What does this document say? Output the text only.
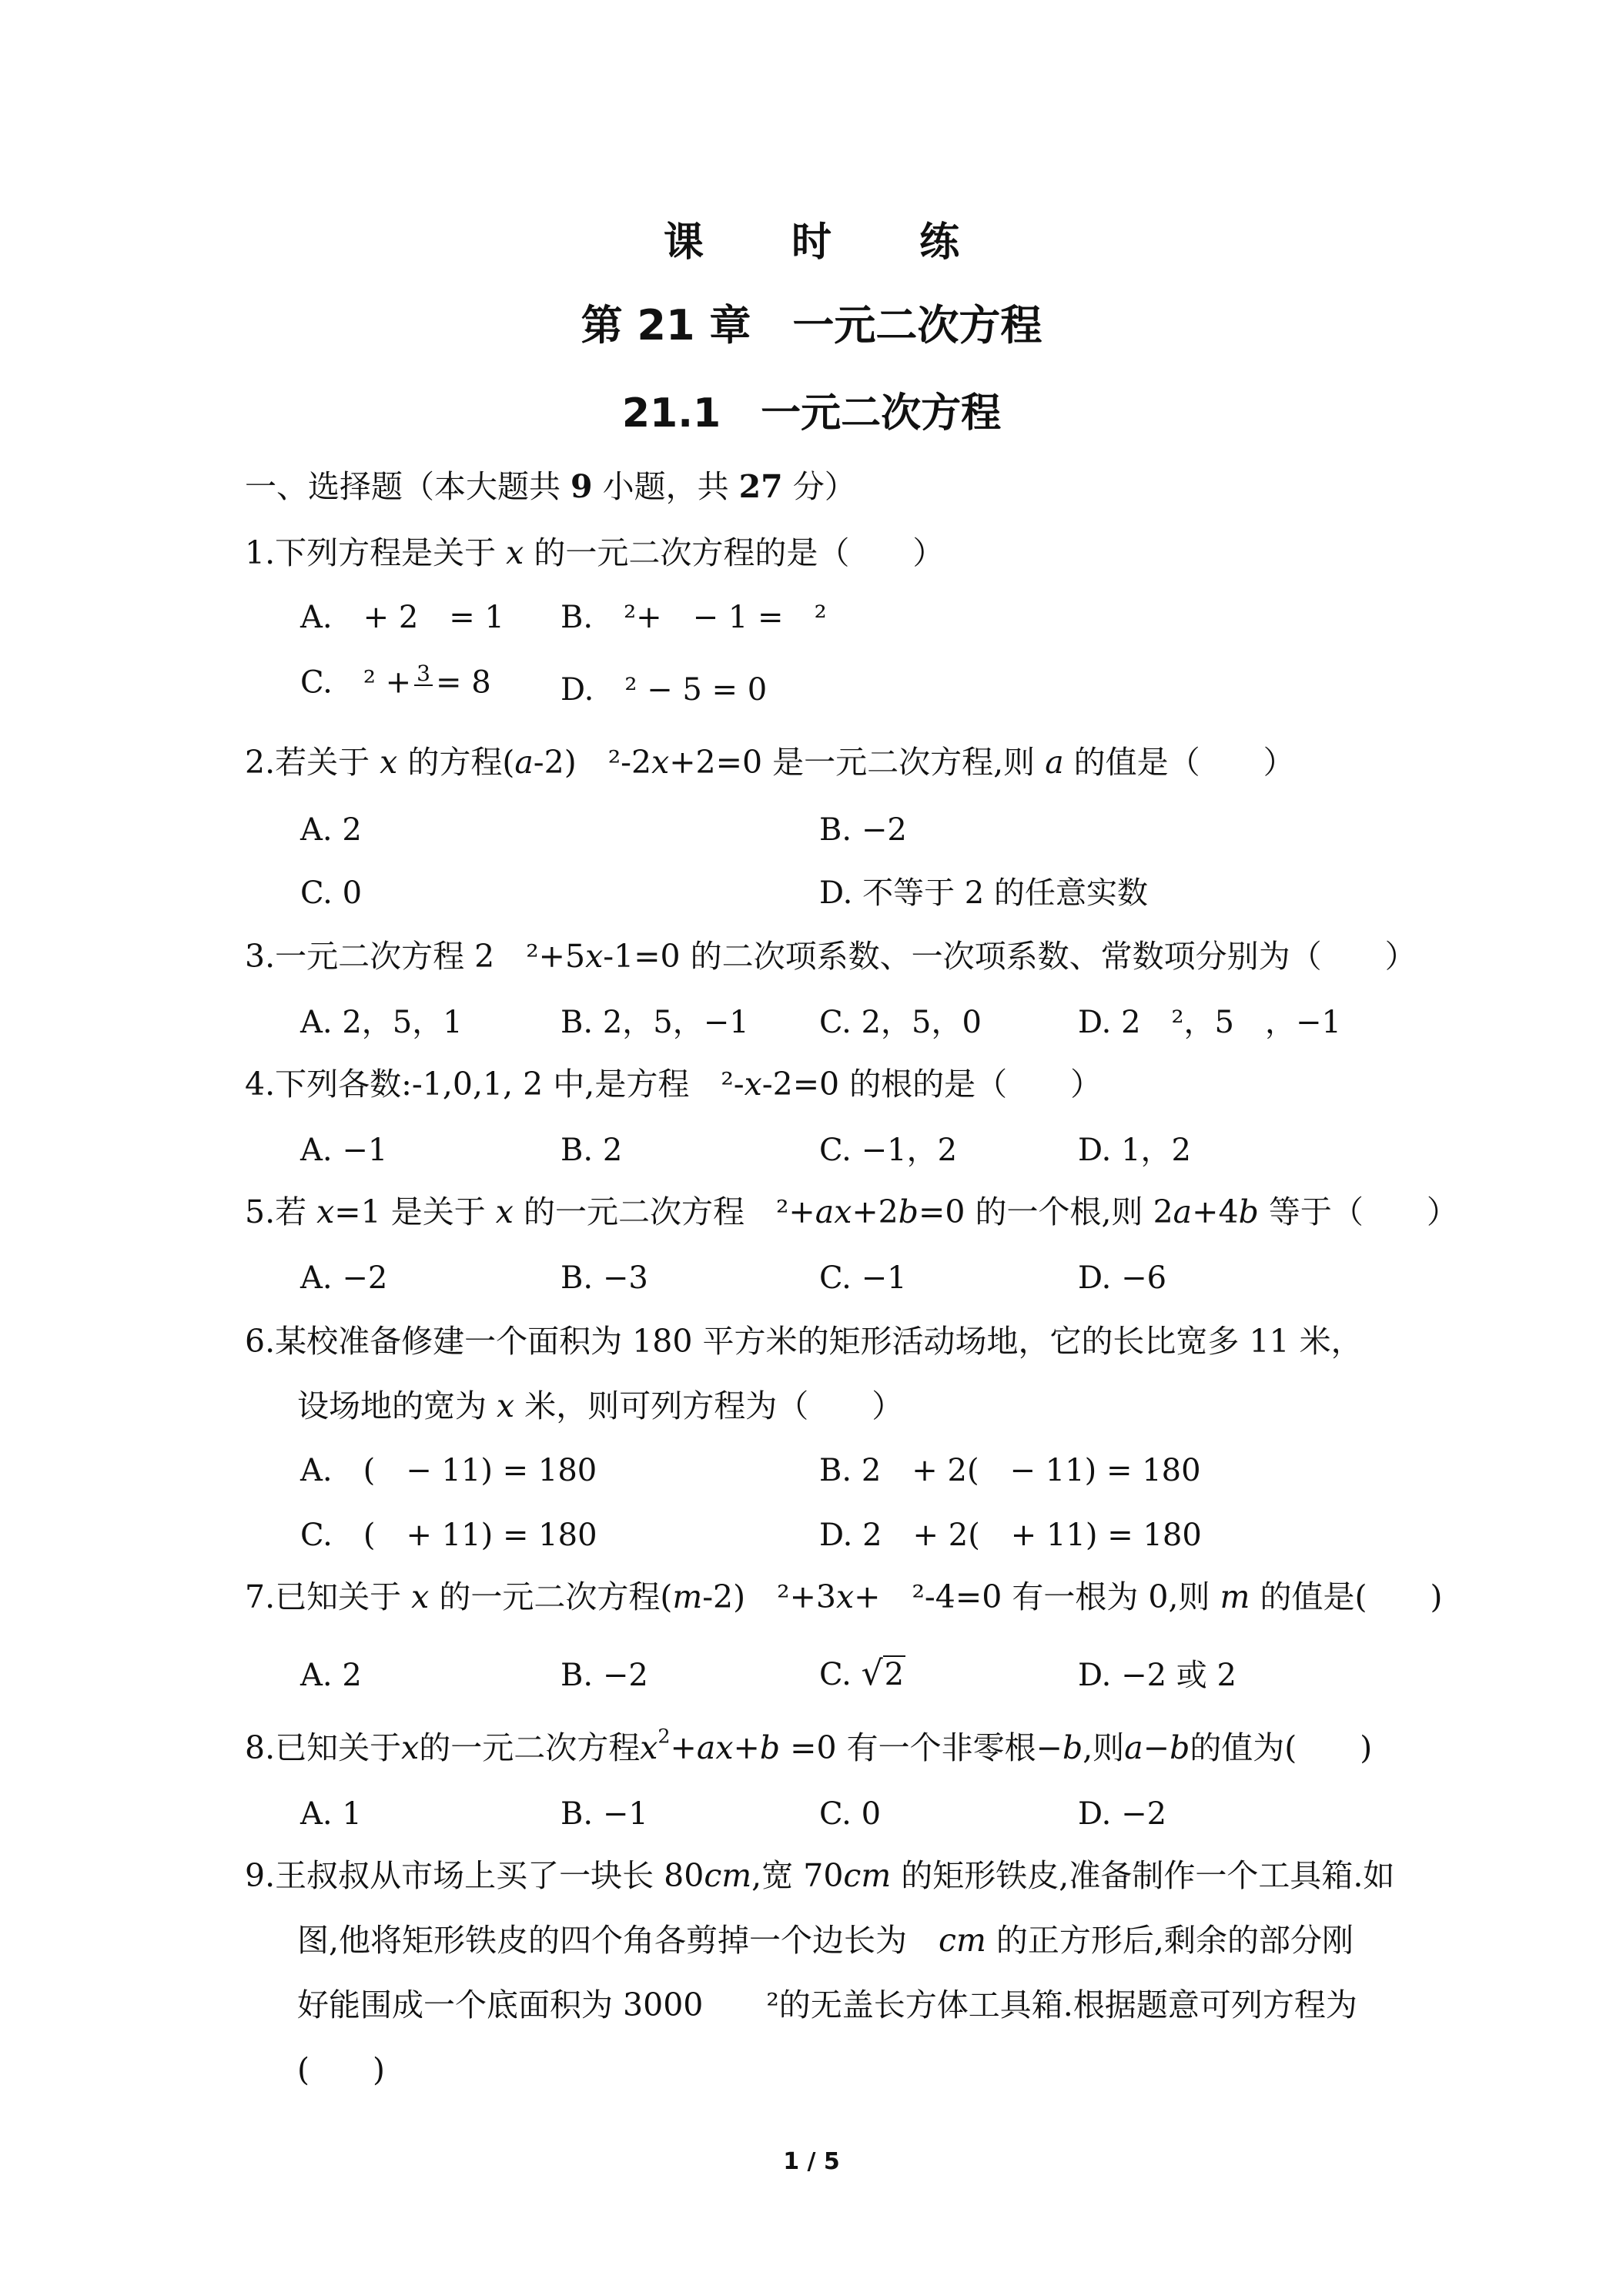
课 时 练
第 21 章　一元二次方程
21.1　一元二次方程

一、选择题（本大题共 9 小题，共 27 分）

1.下列方程是关于 x 的一元二次方程的是（　　）

A.　+ 2　= 1 B.　²+　− 1 =　²

C.　² + 3 = 8 D.　² − 5 = 0

2.若关于 x 的方程(a-2)　²-2x+2=0 是一元二次方程,则 a 的值是（　　）

A. 2	B. −2

C. 0	D. 不等于 2 的任意实数

3.一元二次方程 2　²+5x-1=0 的二次项系数、一次项系数、常数项分别为（　　）

A. 2，5，1	B. 2，5，−1 C. 2，5，0	D. 2　²，5　，−1

4.下列各数:-1,0,1, 2 中,是方程　²-x-2=0 的根的是（　　）

A. −1	B. 2	C. −1，2	D. 1，2

5.若 x=1 是关于 x 的一元二次方程　²+ax+2b=0 的一个根,则 2a+4b 等于（　　）

A. −2	B. −3	C. −1	D. −6

6.某校准备修建一个面积为 180 平方米的矩形活动场地，它的长比宽多 11 米，

设场地的宽为 x 米，则可列方程为（　　）

A.　(　− 11) = 180	B. 2　+ 2(　− 11) = 180

C.　(　+ 11) = 180	D. 2　+ 2(　+ 11) = 180

7.已知关于 x 的一元二次方程(m-2)　²+3x+　²-4=0 有一根为 0,则 m 的值是(　　)

A. 2	B. −2	C. √2	D. −2 或 2

8.已知关于x的一元二次方程$x^2+ax+b =0$ 有一个非零根−b,则a−b的值为(　　)

A. 1	B. −1	C. 0	D. −2

9.王叔叔从市场上买了一块长 80cm,宽 70cm 的矩形铁皮,准备制作一个工具箱.如

图,他将矩形铁皮的四个角各剪掉一个边长为　cm 的正方形后,剩余的部分刚

好能围成一个底面积为 3000　　²的无盖长方体工具箱.根据题意可列方程为

(　　)

1 / 5
